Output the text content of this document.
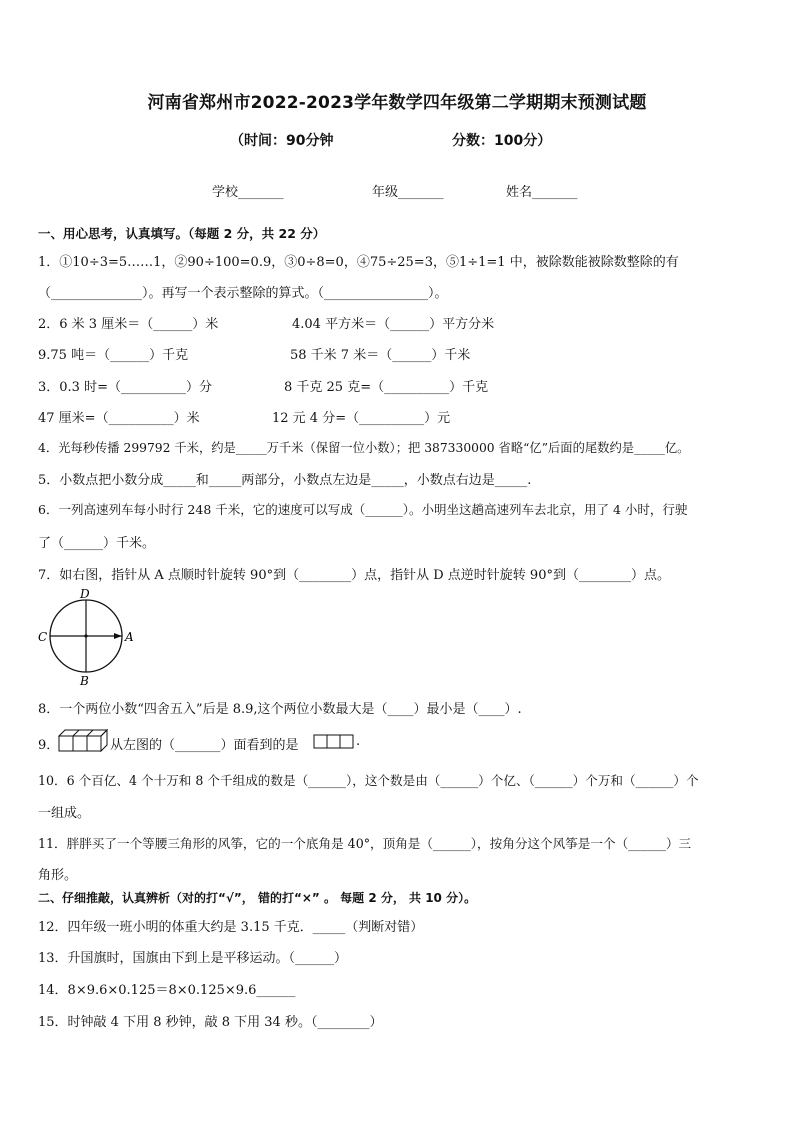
河南省郑州市2022-2023学年数学四年级第二学期期末预测试题
（时间：90分钟	分数：100分）
学校_______	年级_______	姓名_______
一、用心思考，认真填写。（每题 2 分，共 22 分）
1．①10÷3=5……1，②90÷100=0.9，③0÷8=0，④75÷25=3，⑤1÷1=1 中，被除数能被除数整除的有
（______________）。再写一个表示整除的算式。（________________）。
2．6 米 3 厘米＝（______）米	4.04 平方米＝（______）平方分米
9.75 吨＝（______）千克	58 千米 7 米＝（______）千米
3．0.3 时=（__________）分	8 千克 25 克=（__________）千克
47 厘米=（__________）米	12 元 4 分=（__________）元
4．光每秒传播 299792 千米，约是_____万千米（保留一位小数）；把 387330000 省略“亿”后面的尾数约是_____亿。
5．小数点把小数分成_____和_____两部分，小数点左边是_____，小数点右边是_____.
6．一列高速列车每小时行 248 千米，它的速度可以写成（______）。小明坐这趟高速列车去北京，用了 4 小时，行驶
了（______）千米。
7．如右图，指针从 A 点顺时针旋转 90°到（________）点，指针从 D 点逆时针旋转 90°到（________）点。
D
C	A
B
8．一个两位小数“四舍五入”后是 8.9,这个两位小数最大是（____）最小是（____）.
9．	从左图的（_______）面看到的是	.
10．6 个百亿、4 个十万和 8 个千组成的数是（______），这个数是由（______）个亿、（______）个万和（______）个
一组成。
11．胖胖买了一个等腰三角形的风筝，它的一个底角是 40°，顶角是（______），按角分这个风筝是一个（______）三
角形。
二、仔细推敲，认真辨析（对的打“√”， 错的打“×” 。 每题 2 分， 共 10 分）。
12．四年级一班小明的体重大约是 3.15 千克．_____（判断对错）
13．升国旗时，国旗由下到上是平移运动。（______）
14．8×9.6×0.125＝8×0.125×9.6______
15．时钟敲 4 下用 8 秒钟，敲 8 下用 34 秒。（________）
